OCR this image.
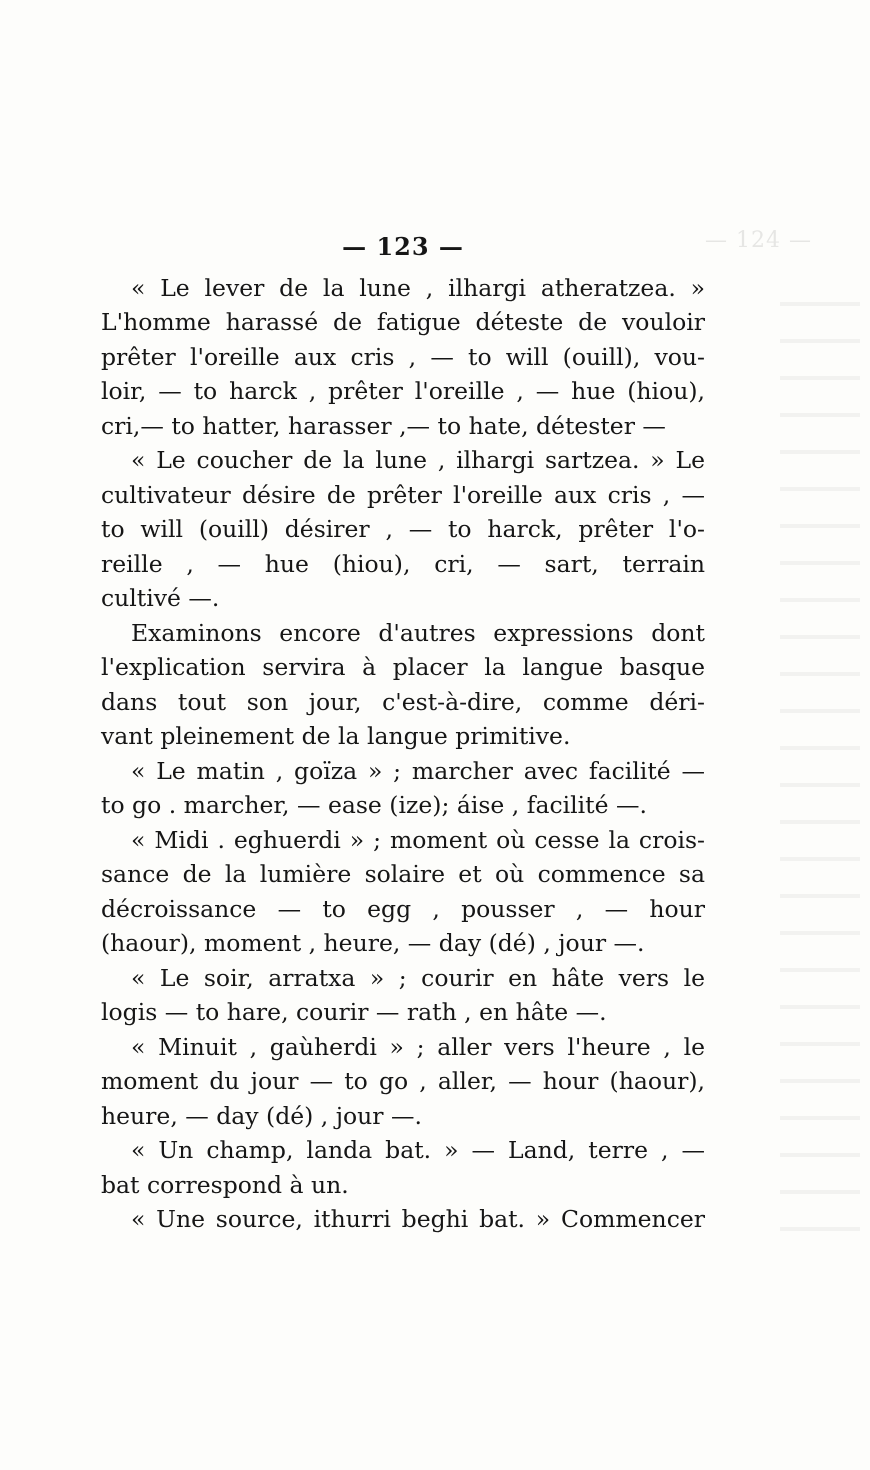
— 124 —
— 123 —
« Le lever de la lune , ilhargi atheratzea. »
L'homme harassé de fatigue déteste de vouloir
prêter l'oreille aux cris , — to will (ouill), vou-
loir, — to harck , prêter l'oreille , — hue (hiou),
cri,— to hatter, harasser ,— to hate, détester —
« Le coucher de la lune , ilhargi sartzea. » Le
cultivateur désire de prêter l'oreille aux cris , —
to will (ouill) désirer , — to harck, prêter l'o-
reille , — hue (hiou), cri, — sart, terrain
cultivé —.
Examinons encore d'autres expressions dont
l'explication servira à placer la langue basque
dans tout son jour, c'est-à-dire, comme déri-
vant pleinement de la langue primitive.
« Le matin , goïza » ; marcher avec facilité —
to go . marcher, — ease (ize); áise , facilité —.
« Midi . eghuerdi » ; moment où cesse la crois-
sance de la lumière solaire et où commence sa
décroissance — to egg , pousser , — hour
(haour), moment , heure, — day (dé) , jour —.
« Le soir, arratxa » ; courir en hâte vers le
logis — to hare, courir — rath , en hâte —.
« Minuit , gaùherdi » ; aller vers l'heure , le
moment du jour — to go , aller, — hour (haour),
heure, — day (dé) , jour —.
« Un champ, landa bat. » — Land, terre , —
bat correspond à un.
« Une source, ithurri beghi bat. » Commencer
